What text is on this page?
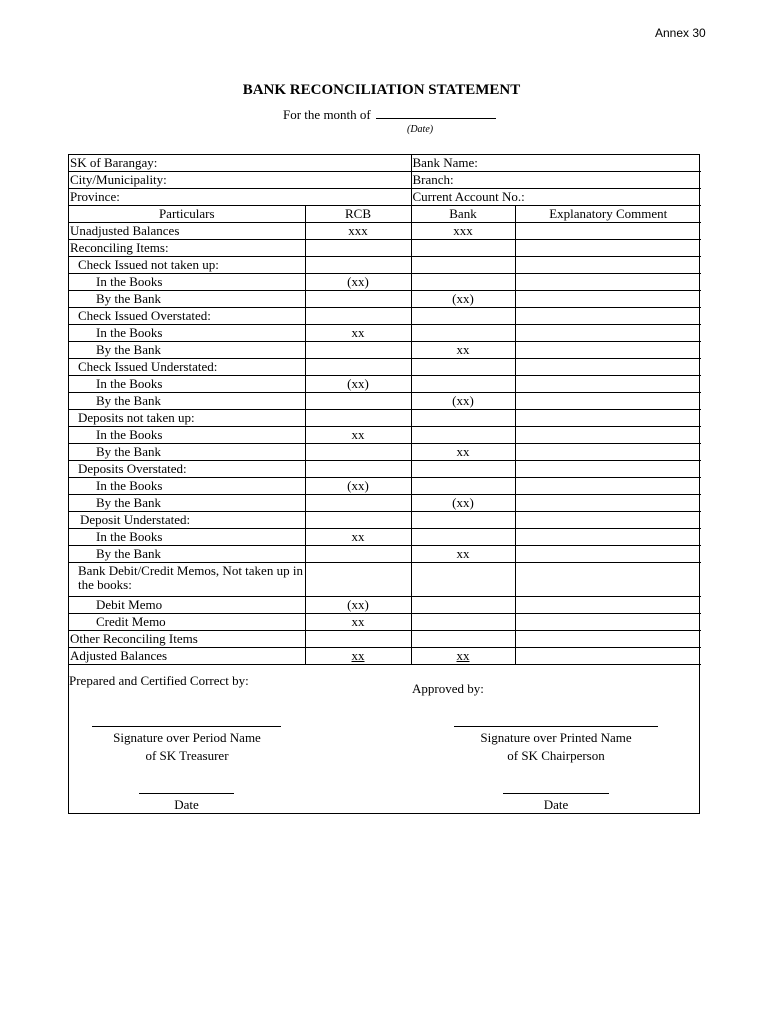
Annex 30
BANK RECONCILIATION STATEMENT
For the month of
(Date)
SK of Barangay:		Bank Name:	
City/Municipality:		Branch:	
Province:		Current Account No.:	
Particulars	RCB	Bank	Explanatory Comment
Unadjusted Balances	xxx	xxx	
Reconciling Items:			
Check Issued not taken up:			
In the Books	(xx)		
By the Bank		(xx)	
Check Issued Overstated:			
In the Books	xx		
By the Bank		xx	
Check Issued Understated:			
In the Books	(xx)		
By the Bank		(xx)	
Deposits not taken up:			
In the Books	xx		
By the Bank		xx	
Deposits Overstated:			
In the Books	(xx)		
By the Bank		(xx)	
Deposit Understated:			
In the Books	xx		
By the Bank		xx	
Bank Debit/Credit Memos, Not taken up in the books:			
Debit Memo	(xx)		
Credit Memo	xx		
Other Reconciling Items			
Adjusted Balances	xx	xx	
Prepared and Certified Correct by:
Approved by:
Signature over Period Name
of SK Treasurer
Signature over Printed Name
of SK Chairperson
Date	Date
